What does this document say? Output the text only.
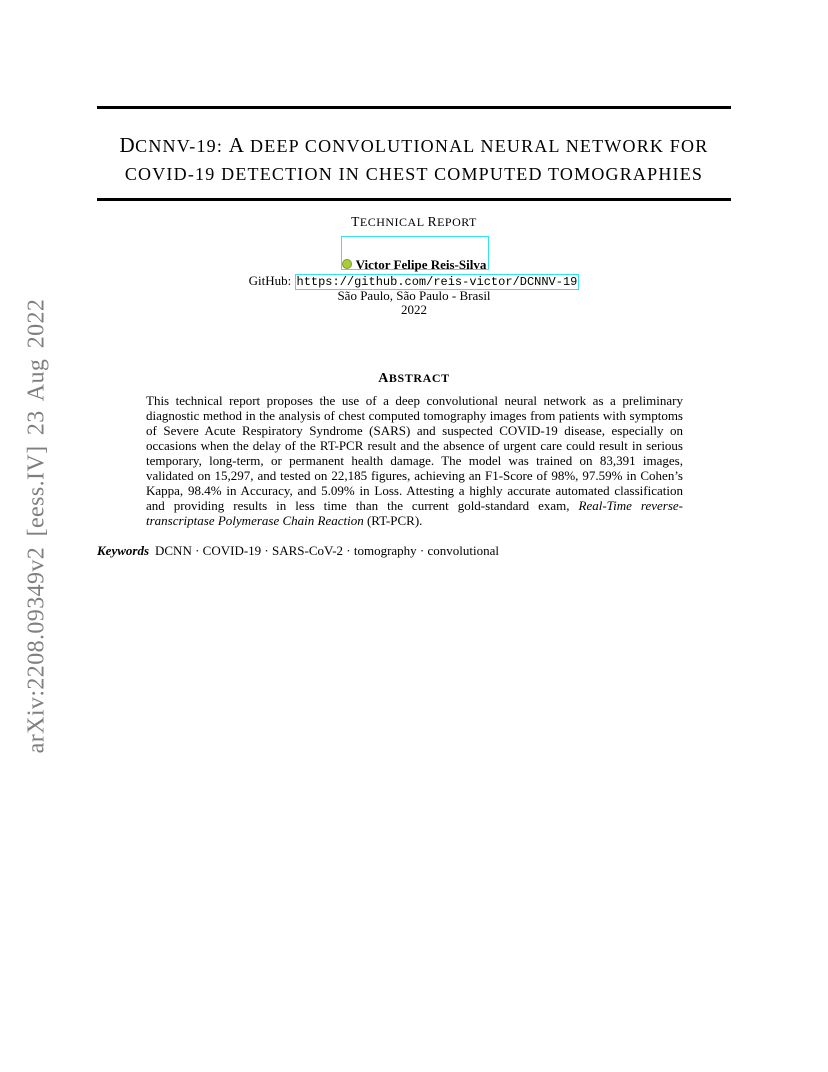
arXiv:2208.09349v2 [eess.IV] 23 Aug 2022
DCNNV-19: A DEEP CONVOLUTIONAL NEURAL NETWORK FOR
COVID-19 DETECTION IN CHEST COMPUTED TOMOGRAPHIES
TECHNICAL REPORT
Victor Felipe Reis-Silva
GitHub: https://github.com/reis-victor/DCNNV-19
São Paulo, São Paulo - Brasil
2022
ABSTRACT
This technical report proposes the use of a deep convolutional neural network as a preliminary diagnostic method in the analysis of chest computed tomography images from patients with symptoms of Severe Acute Respiratory Syndrome (SARS) and suspected COVID-19 disease, especially on occasions when the delay of the RT-PCR result and the absence of urgent care could result in serious temporary, long-term, or permanent health damage. The model was trained on 83,391 images, validated on 15,297, and tested on 22,185 figures, achieving an F1-Score of 98%, 97.59% in Cohen’s Kappa, 98.4% in Accuracy, and 5.09% in Loss. Attesting a highly accurate automated classification and providing results in less time than the current gold-standard exam, Real-Time reverse-transcriptase Polymerase Chain Reaction (RT-PCR).
Keywords DCNN · COVID-19 · SARS-CoV-2 · tomography · convolutional
